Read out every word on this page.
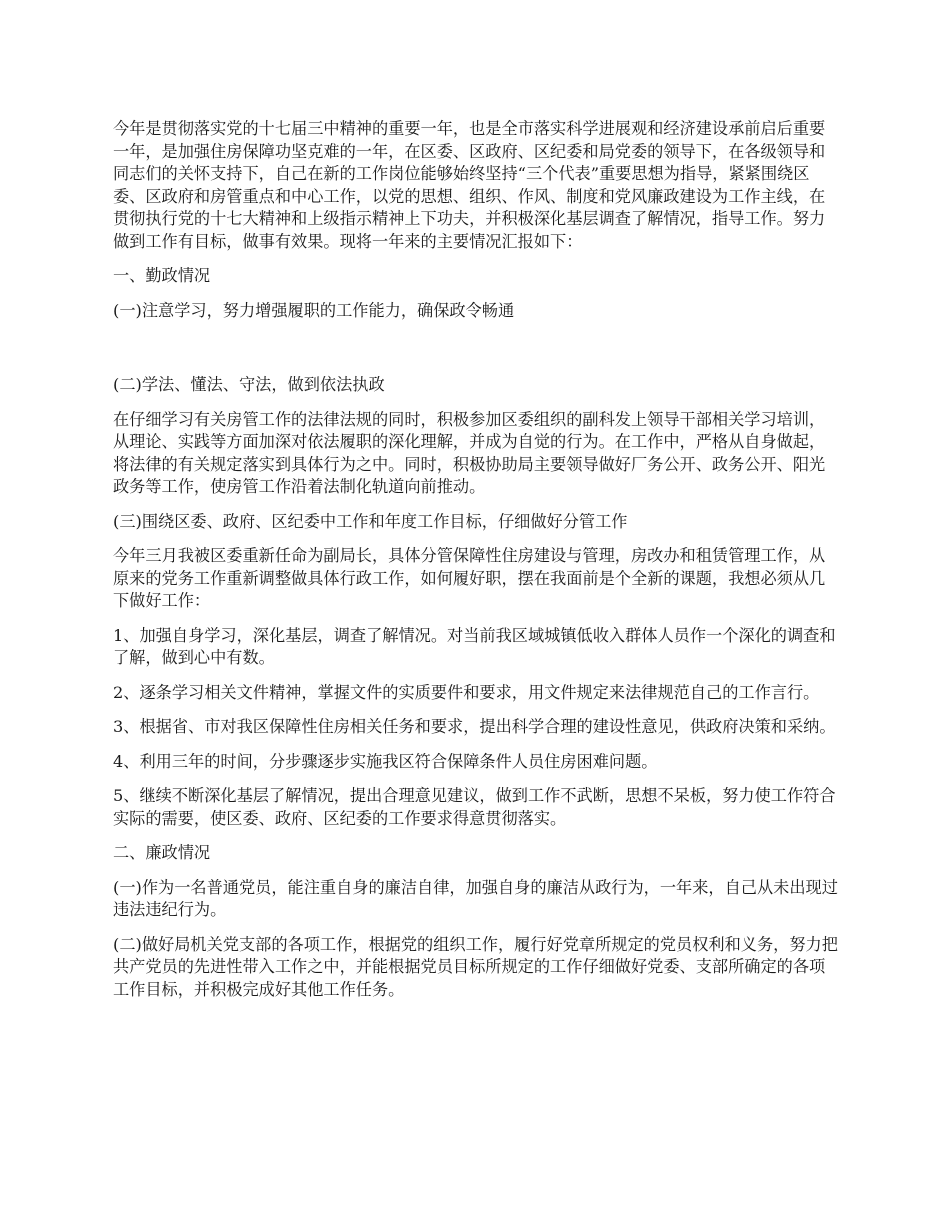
今年是贯彻落实党的十七届三中精神的重要一年，也是全市落实科学进展观和经济建设承前启后重要一年，是加强住房保障功坚克难的一年，在区委、区政府、区纪委和局党委的领导下，在各级领导和同志们的关怀支持下，自己在新的工作岗位能够始终坚持“三个代表”重要思想为指导，紧紧围绕区委、区政府和房管重点和中心工作，以党的思想、组织、作风、制度和党风廉政建设为工作主线，在贯彻执行党的十七大精神和上级指示精神上下功夫，并积极深化基层调查了解情况，指导工作。努力做到工作有目标，做事有效果。现将一年来的主要情况汇报如下：

一、勤政情况

(一)注意学习，努力增强履职的工作能力，确保政令畅通

(二)学法、懂法、守法，做到依法执政

在仔细学习有关房管工作的法律法规的同时，积极参加区委组织的副科发上领导干部相关学习培训，从理论、实践等方面加深对依法履职的深化理解，并成为自觉的行为。在工作中，严格从自身做起，将法律的有关规定落实到具体行为之中。同时，积极协助局主要领导做好厂务公开、政务公开、阳光政务等工作，使房管工作沿着法制化轨道向前推动。

(三)围绕区委、政府、区纪委中工作和年度工作目标，仔细做好分管工作

今年三月我被区委重新任命为副局长，具体分管保障性住房建设与管理，房改办和租赁管理工作，从原来的党务工作重新调整做具体行政工作，如何履好职，摆在我面前是个全新的课题，我想必须从几下做好工作：

1、加强自身学习，深化基层，调查了解情况。对当前我区域城镇低收入群体人员作一个深化的调查和了解，做到心中有数。

2、逐条学习相关文件精神，掌握文件的实质要件和要求，用文件规定来法律规范自己的工作言行。

3、根据省、市对我区保障性住房相关任务和要求，提出科学合理的建设性意见，供政府决策和采纳。

4、利用三年的时间，分步骤逐步实施我区符合保障条件人员住房困难问题。

5、继续不断深化基层了解情况，提出合理意见建议，做到工作不武断，思想不呆板，努力使工作符合实际的需要，使区委、政府、区纪委的工作要求得意贯彻落实。

二、廉政情况

(一)作为一名普通党员，能注重自身的廉洁自律，加强自身的廉洁从政行为，一年来，自己从未出现过违法违纪行为。

(二)做好局机关党支部的各项工作，根据党的组织工作，履行好党章所规定的党员权利和义务，努力把共产党员的先进性带入工作之中，并能根据党员目标所规定的工作仔细做好党委、支部所确定的各项工作目标，并积极完成好其他工作任务。
